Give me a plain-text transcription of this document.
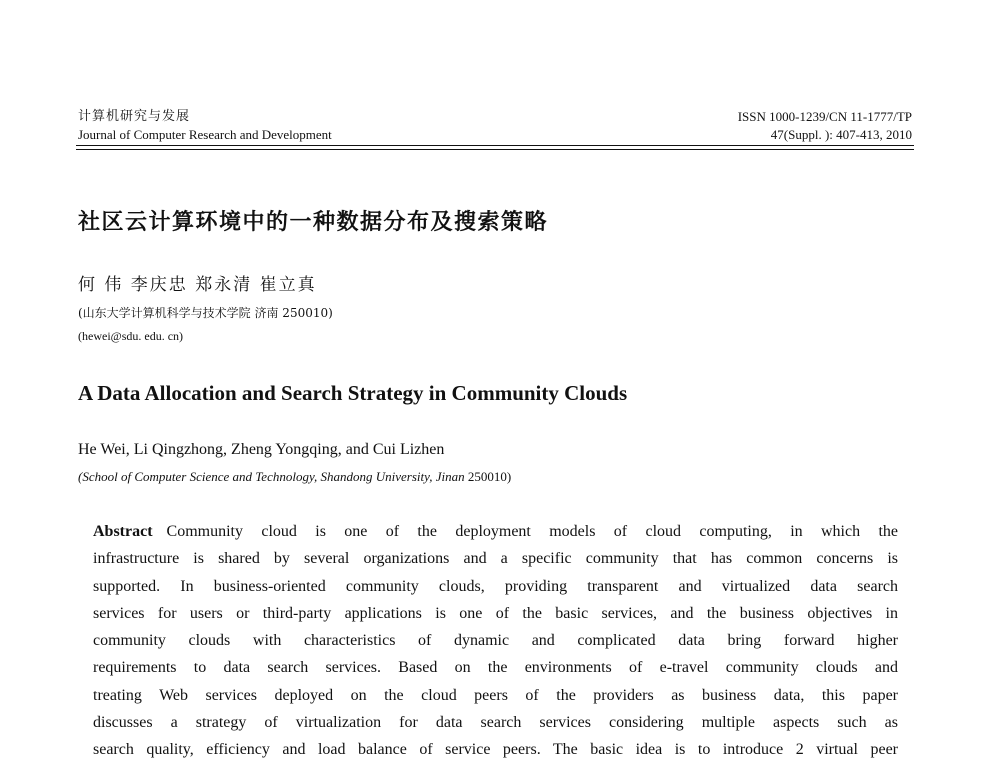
计算机研究与发展
Journal of Computer Research and Development
ISSN 1000-1239/CN 11-1777/TP
47(Suppl. ): 407-413, 2010
社区云计算环境中的一种数据分布及搜索策略
何 伟 李庆忠 郑永清 崔立真
(山东大学计算机科学与技术学院 济南 250010)
(hewei@sdu. edu. cn)
A Data Allocation and Search Strategy in Community Clouds
He Wei, Li Qingzhong, Zheng Yongqing, and Cui Lizhen
(School of Computer Science and Technology, Shandong University, Jinan 250010)
Abstract Community cloud is one of the deployment models of cloud computing, in which the
infrastructure is shared by several organizations and a specific community that has common concerns is
supported. In business-oriented community clouds, providing transparent and virtualized data search
services for users or third-party applications is one of the basic services, and the business objectives in
community clouds with characteristics of dynamic and complicated data bring forward higher
requirements to data search services. Based on the environments of e-travel community clouds and
treating Web services deployed on the cloud peers of the providers as business data, this paper
discusses a strategy of virtualization for data search services considering multiple aspects such as
search quality, efficiency and load balance of service peers. The basic idea is to introduce 2 virtual peer
